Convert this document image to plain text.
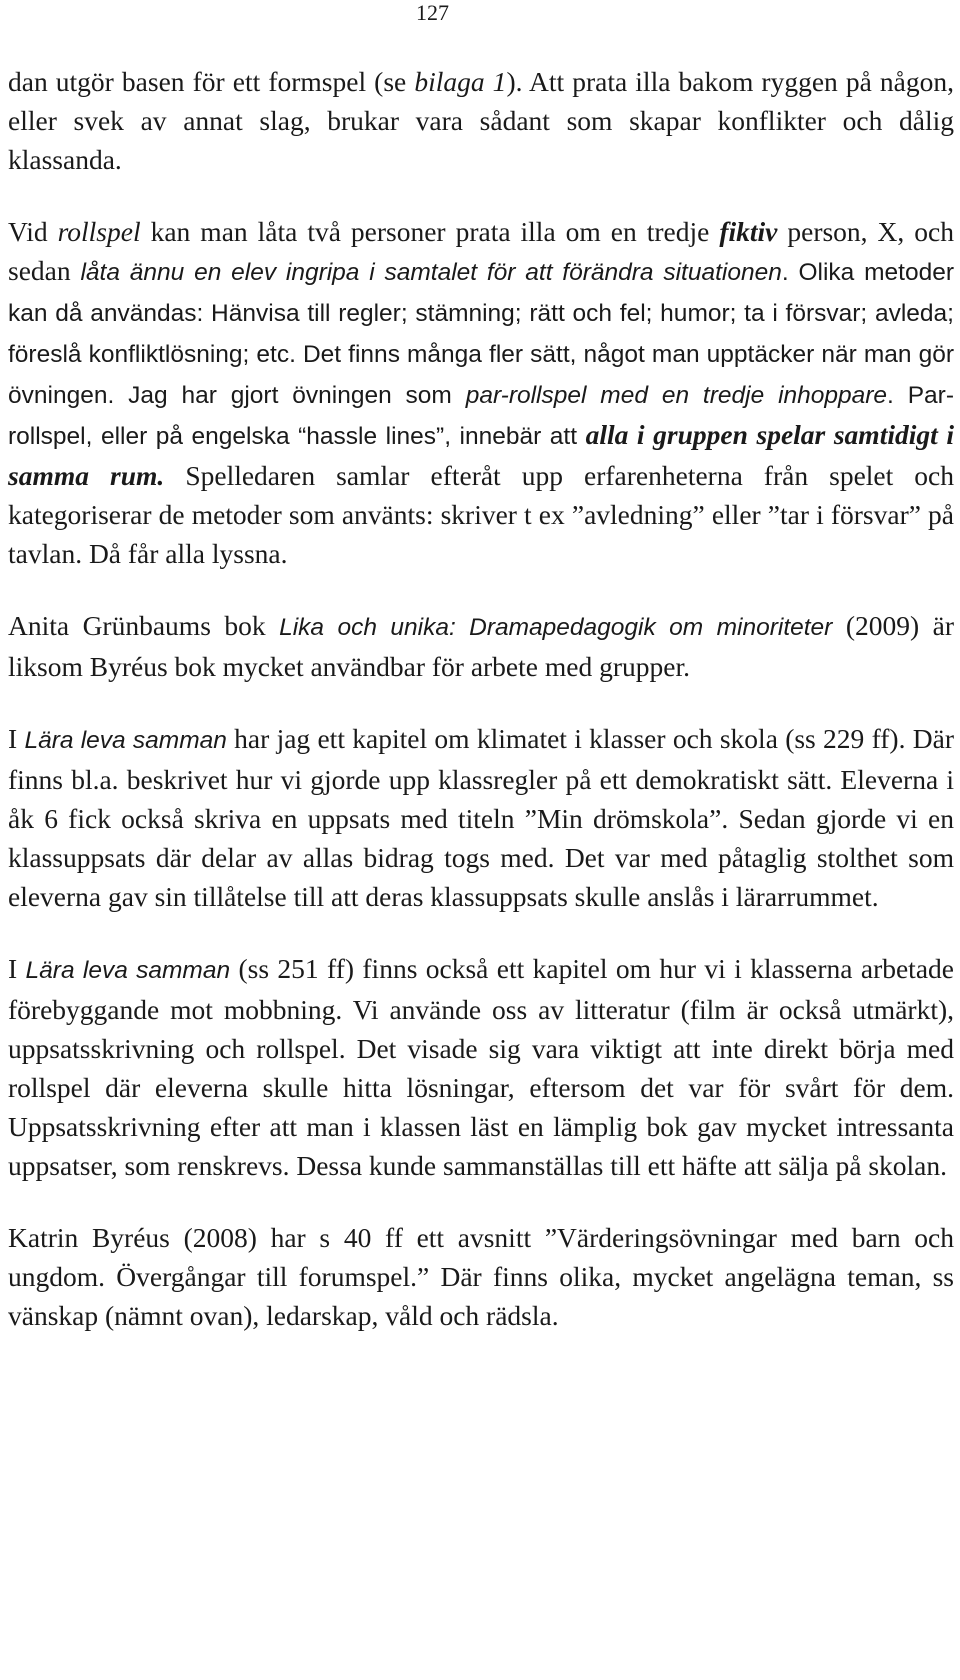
127

dan utgör basen för ett formspel (se bilaga 1). Att prata illa bakom ryggen på någon, eller svek av annat slag, brukar vara sådant som skapar konflikter och dålig klassanda.

Vid rollspel kan man låta två personer prata illa om en tredje fiktiv person, X, och sedan låta ännu en elev ingripa i samtalet för att förändra situationen. Olika metoder kan då användas: Hänvisa till regler; stämning; rätt och fel; humor; ta i försvar; avleda; föreslå konfliktlösning; etc. Det finns många fler sätt, något man upptäcker när man gör övningen. Jag har gjort övningen som par-rollspel med en tredje inhoppare. Par-rollspel, eller på engelska “hassle lines”, innebär att alla i gruppen spelar samtidigt i samma rum. Spelledaren samlar efteråt upp erfarenheterna från spelet och kategoriserar de metoder som använts: skriver t ex ”avledning” eller ”tar i försvar” på tavlan. Då får alla lyssna.

Anita Grünbaums bok Lika och unika: Dramapedagogik om minoriteter (2009) är liksom Byréus bok mycket användbar för arbete med grupper.

I Lära leva samman har jag ett kapitel om klimatet i klasser och skola (ss 229 ff). Där finns bl.a. beskrivet hur vi gjorde upp klassregler på ett demokratiskt sätt. Eleverna i åk 6 fick också skriva en uppsats med titeln ”Min drömskola”. Sedan gjorde vi en klassuppsats där delar av allas bidrag togs med. Det var med påtaglig stolthet som eleverna gav sin tillåtelse till att deras klassuppsats skulle anslås i lärarrummet.

I Lära leva samman (ss 251 ff) finns också ett kapitel om hur vi i klasserna arbetade förebyggande mot mobbning. Vi använde oss av litteratur (film är också utmärkt), uppsatsskrivning och rollspel. Det visade sig vara viktigt att inte direkt börja med rollspel där eleverna skulle hitta lösningar, eftersom det var för svårt för dem. Uppsatsskrivning efter att man i klassen läst en lämplig bok gav mycket intressanta uppsatser, som renskrevs. Dessa kunde sammanställas till ett häfte att sälja på skolan.

Katrin Byréus (2008) har s 40 ff ett avsnitt ”Värderingsövningar med barn och ungdom. Övergångar till forumspel.” Där finns olika, mycket angelägna teman, ss vänskap (nämnt ovan), ledarskap, våld och rädsla.
